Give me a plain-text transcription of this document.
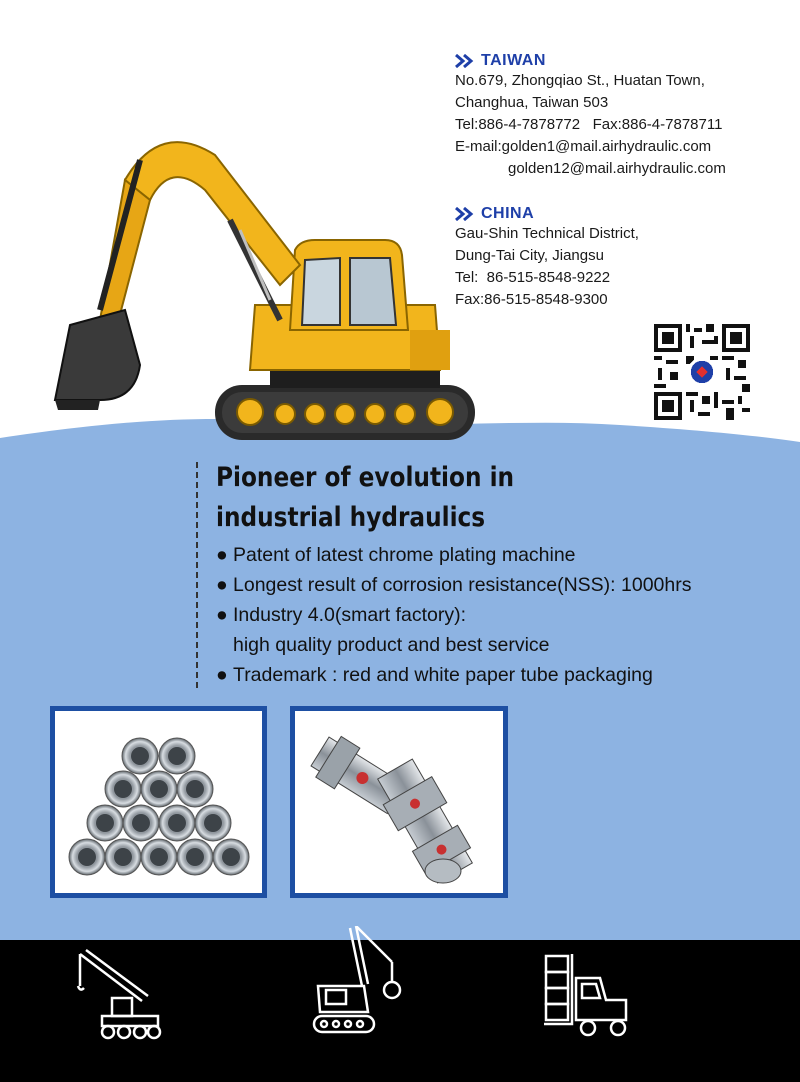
TAIWAN
No.679, Zhongqiao St., Huatan Town,
Changhua, Taiwan 503
Tel:886-4-7878772   Fax:886-4-7878711
E-mail:golden1@mail.airhydraulic.com
golden12@mail.airhydraulic.com
CHINA
Gau-Shin Technical District,
Dung-Tai City, Jiangsu
Tel:  86-515-8548-9222
Fax:86-515-8548-9300
Pioneer of evolution in
industrial hydraulics
● Patent of latest chrome plating machine
● Longest result of corrosion resistance(NSS): 1000hrs
● Industry 4.0(smart factory):
high quality product and best service
● Trademark : red and white paper tube packaging
